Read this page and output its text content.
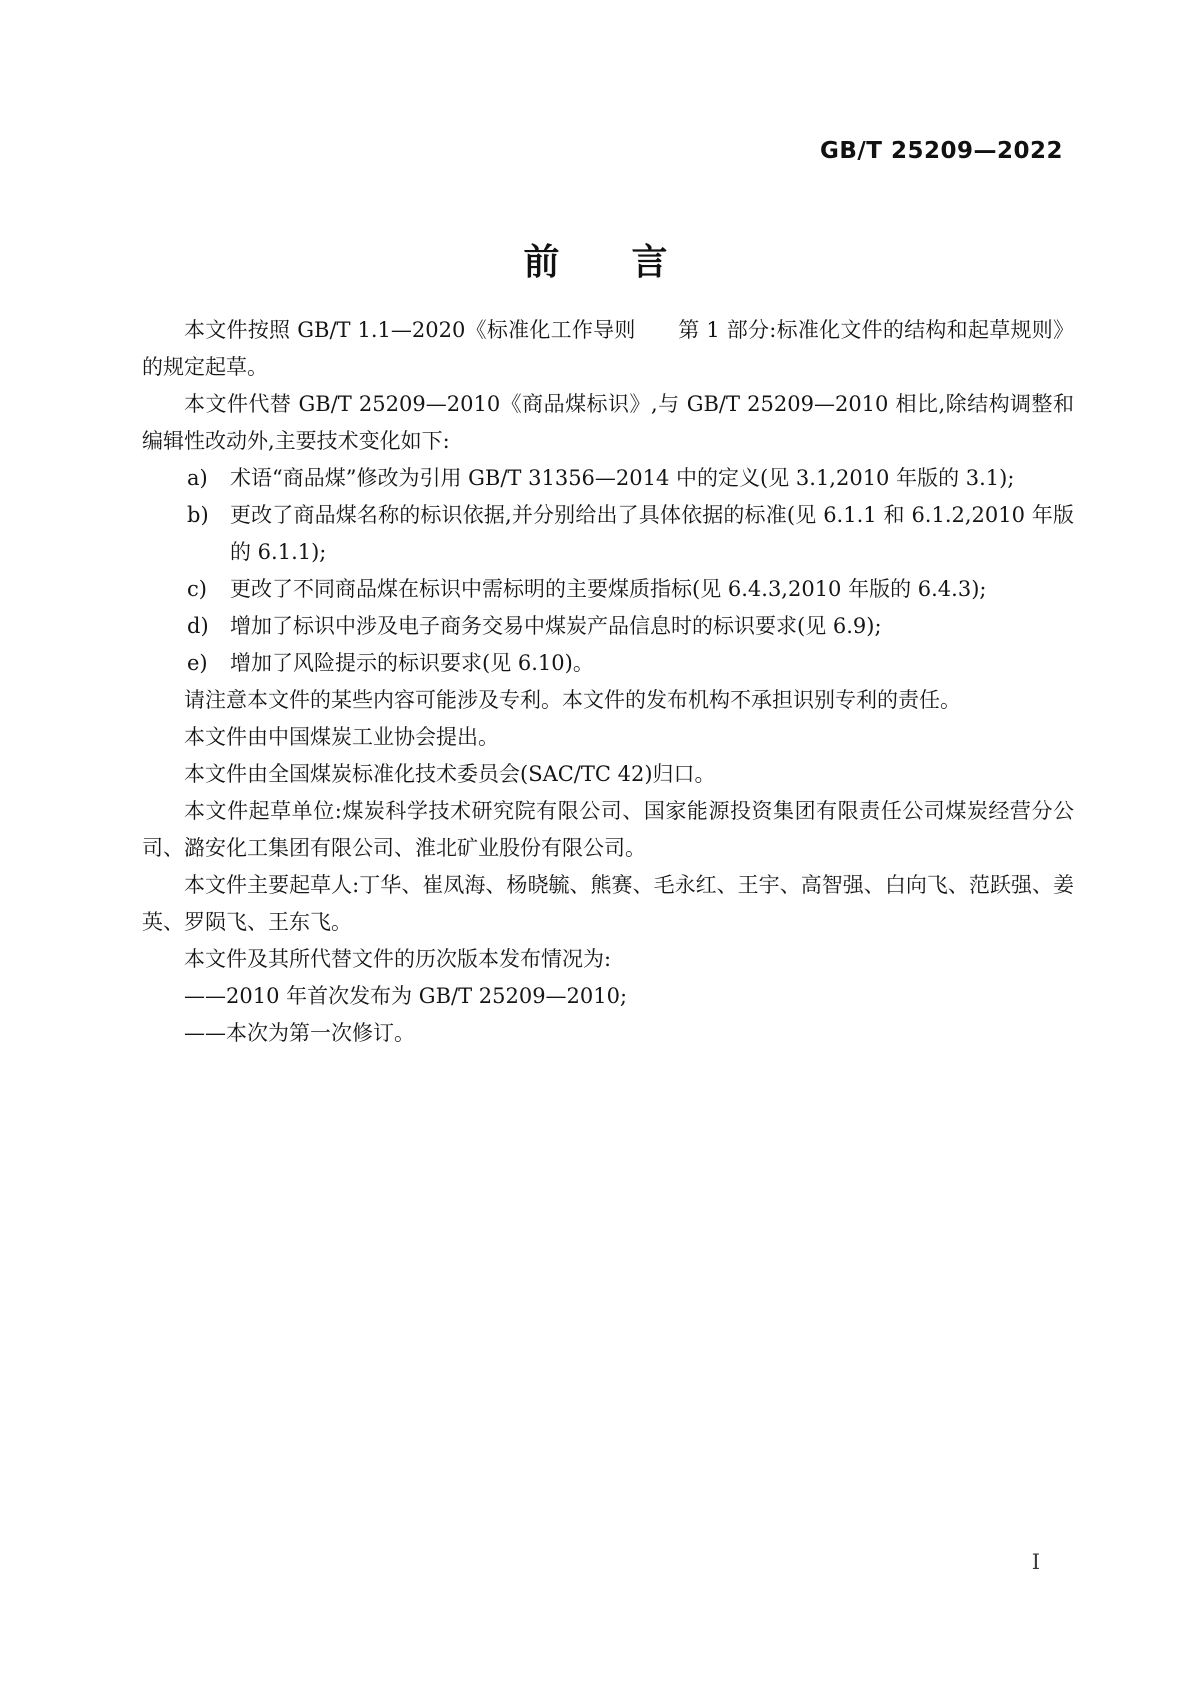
GB/T 25209—2022
前　　言

本文件按照 GB/T 1.1—2020《标准化工作导则　　第 1 部分:标准化文件的结构和起草规则》的规定起草。

本文件代替 GB/T 25209—2010《商品煤标识》,与 GB/T 25209—2010 相比,除结构调整和编辑性改动外,主要技术变化如下:

a) 术语“商品煤”修改为引用 GB/T 31356—2014 中的定义(见 3.1,2010 年版的 3.1);

b) 更改了商品煤名称的标识依据,并分别给出了具体依据的标准(见 6.1.1 和 6.1.2,2010 年版的 6.1.1);

c) 更改了不同商品煤在标识中需标明的主要煤质指标(见 6.4.3,2010 年版的 6.4.3);

d) 增加了标识中涉及电子商务交易中煤炭产品信息时的标识要求(见 6.9);

e) 增加了风险提示的标识要求(见 6.10)。

请注意本文件的某些内容可能涉及专利。本文件的发布机构不承担识别专利的责任。

本文件由中国煤炭工业协会提出。

本文件由全国煤炭标准化技术委员会(SAC/TC 42)归口。

本文件起草单位:煤炭科学技术研究院有限公司、国家能源投资集团有限责任公司煤炭经营分公司、潞安化工集团有限公司、淮北矿业股份有限公司。

本文件主要起草人:丁华、崔凤海、杨晓毓、熊赛、毛永红、王宇、高智强、白向飞、范跃强、姜英、罗陨飞、王东飞。

本文件及其所代替文件的历次版本发布情况为:

——2010 年首次发布为 GB/T 25209—2010;

——本次为第一次修订。

I
